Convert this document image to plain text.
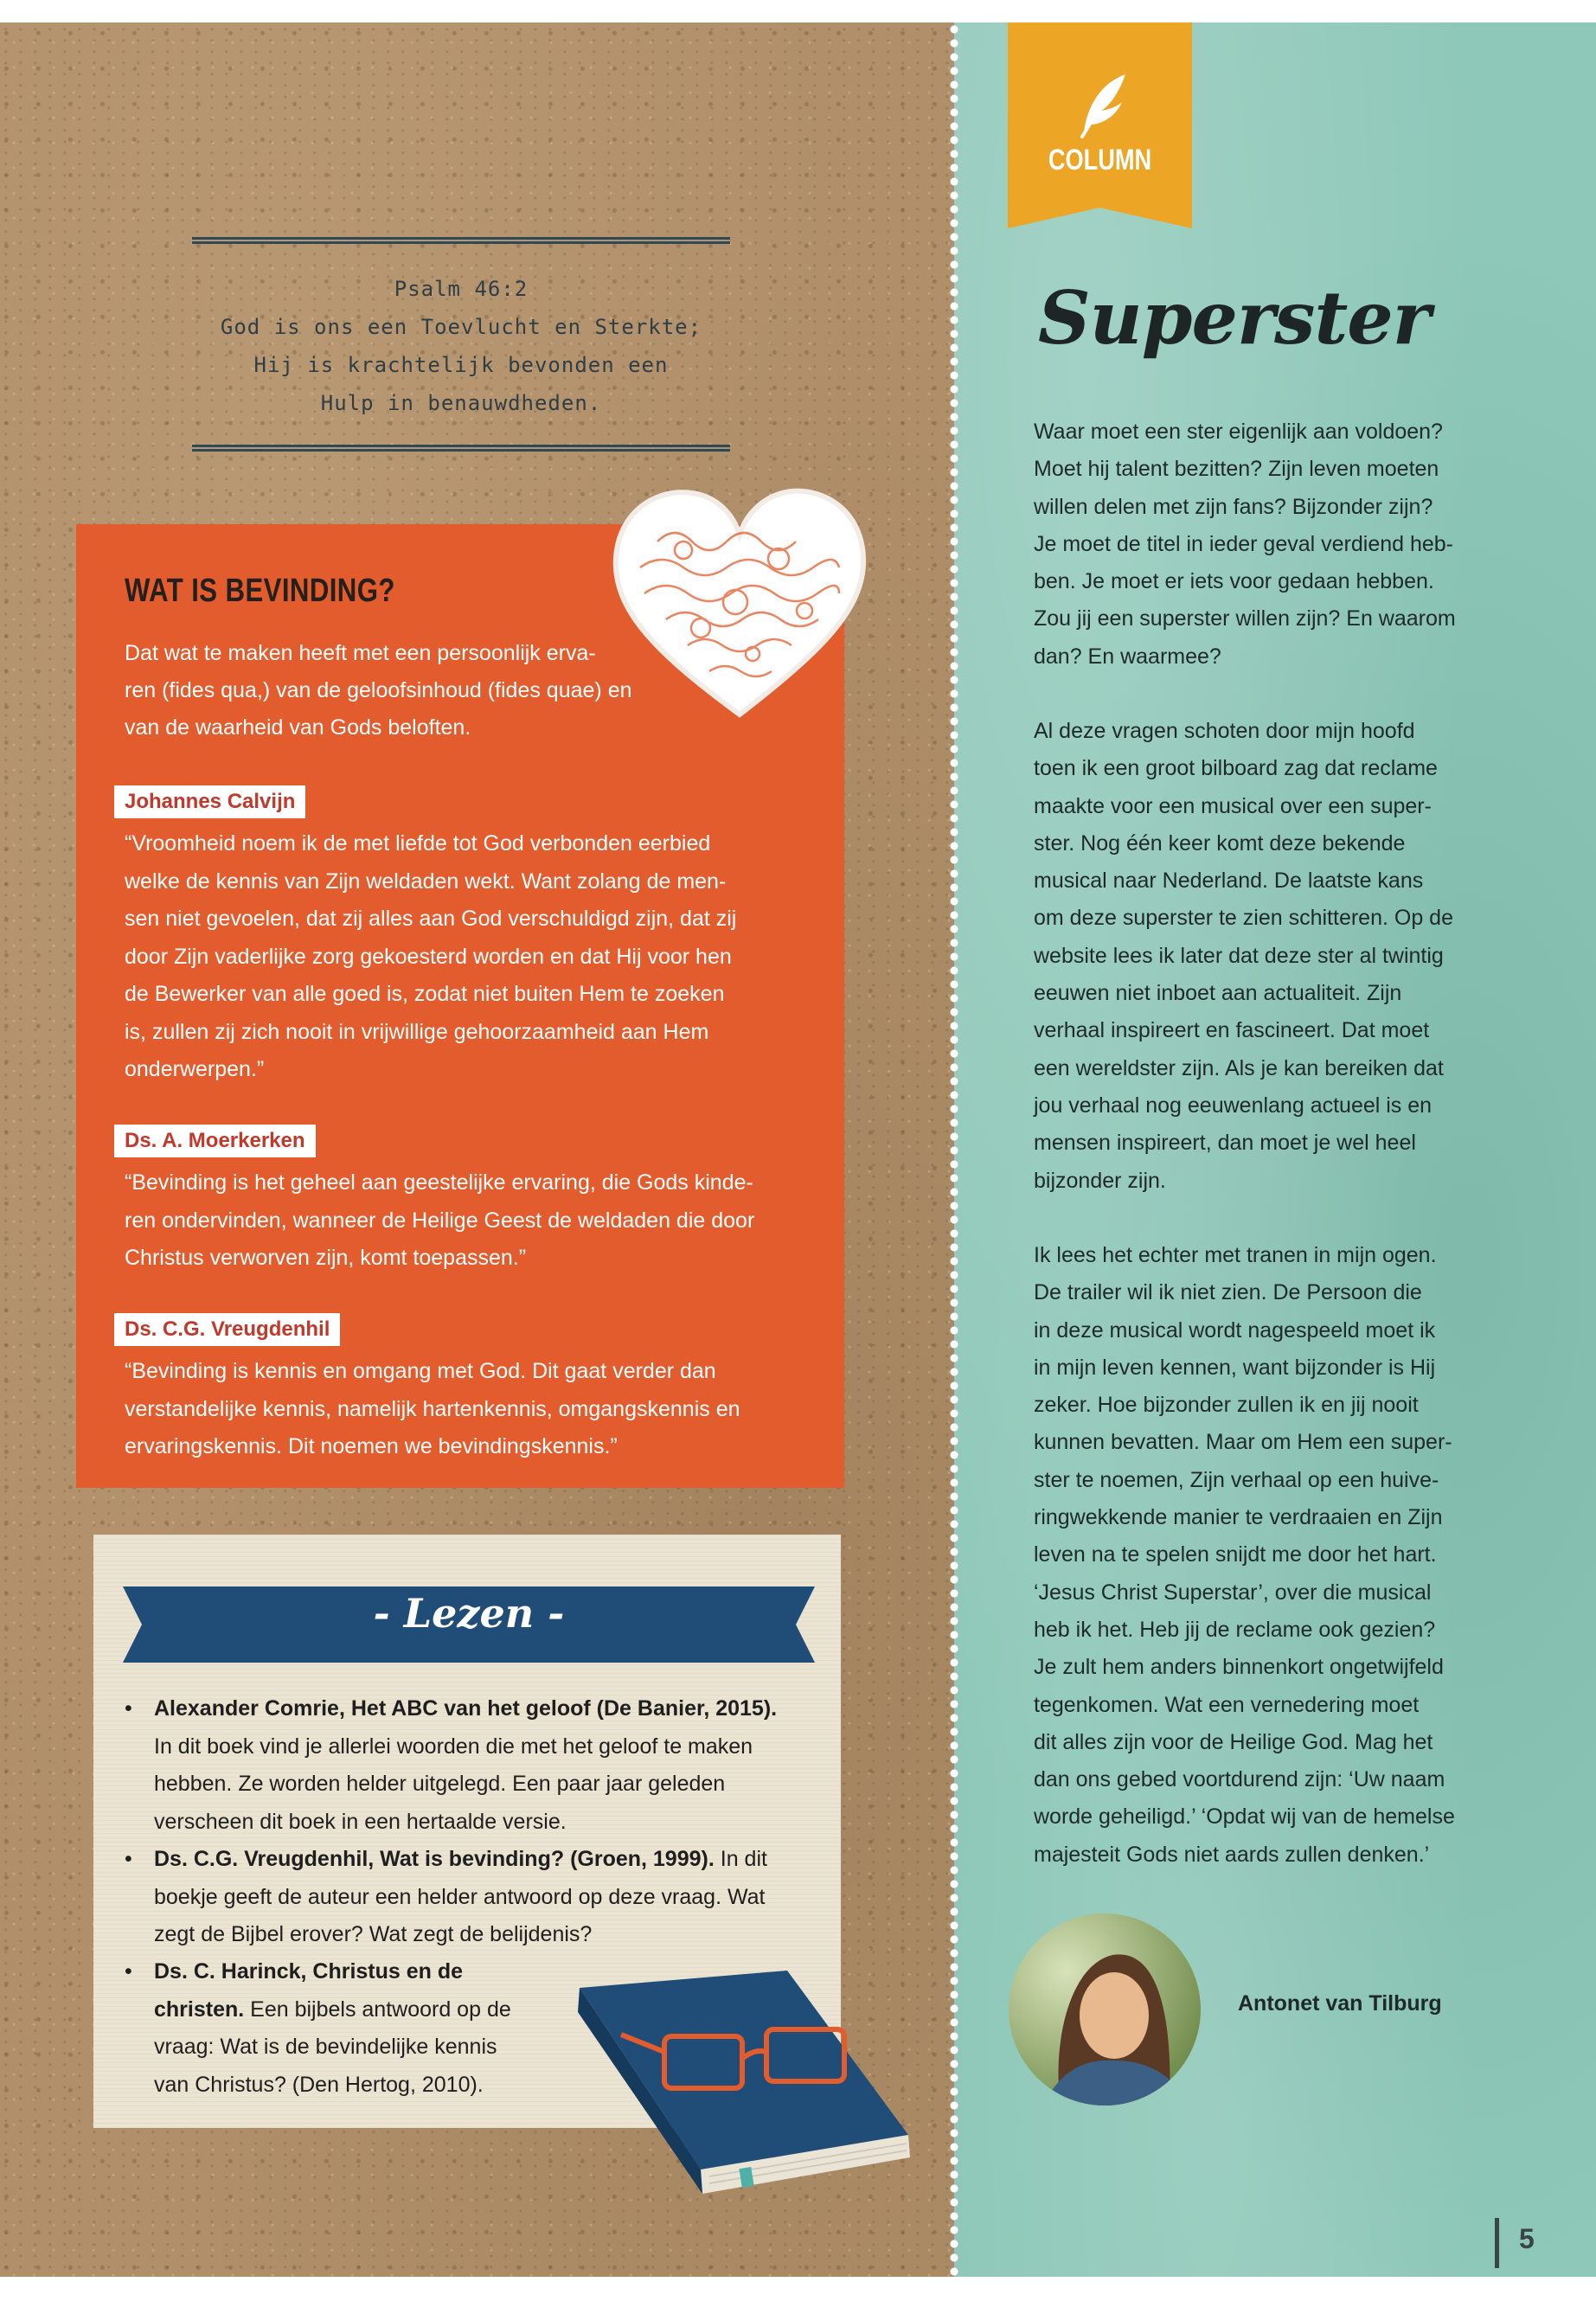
Psalm 46:2
God is ons een Toevlucht en Sterkte;
Hij is krachtelijk bevonden een
Hulp in benauwdheden.
WAT IS BEVINDING?
Dat wat te maken heeft met een persoonlijk erva-
ren (fides qua,) van de geloofsinhoud (fides quae) en
van de waarheid van Gods beloften.
Johannes Calvijn
“Vroomheid noem ik de met liefde tot God verbonden eerbied
welke de kennis van Zijn weldaden wekt. Want zolang de men-
sen niet gevoelen, dat zij alles aan God verschuldigd zijn, dat zij
door Zijn vaderlijke zorg gekoesterd worden en dat Hij voor hen
de Bewerker van alle goed is, zodat niet buiten Hem te zoeken
is, zullen zij zich nooit in vrijwillige gehoorzaamheid aan Hem
onderwerpen.”
Ds. A. Moerkerken
“Bevinding is het geheel aan geestelijke ervaring, die Gods kinde-
ren ondervinden, wanneer de Heilige Geest de weldaden die door
Christus verworven zijn, komt toepassen.”
Ds. C.G. Vreugdenhil
“Bevinding is kennis en omgang met God. Dit gaat verder dan
verstandelijke kennis, namelijk hartenkennis, omgangskennis en
ervaringskennis. Dit noemen we bevindingskennis.”
- Lezen -
• Alexander Comrie, Het ABC van het geloof (De Banier, 2015).
In dit boek vind je allerlei woorden die met het geloof te maken
hebben. Ze worden helder uitgelegd. Een paar jaar geleden
verscheen dit boek in een hertaalde versie.
• Ds. C.G. Vreugdenhil, Wat is bevinding? (Groen, 1999). In dit
boekje geeft de auteur een helder antwoord op deze vraag. Wat
zegt de Bijbel erover? Wat zegt de belijdenis?
• Ds. C. Harinck, Christus en de
christen. Een bijbels antwoord op de
vraag: Wat is de bevindelijke kennis
van Christus? (Den Hertog, 2010).
COLUMN
Superster
Waar moet een ster eigenlijk aan voldoen?
Moet hij talent bezitten? Zijn leven moeten
willen delen met zijn fans? Bijzonder zijn?
Je moet de titel in ieder geval verdiend heb-
ben. Je moet er iets voor gedaan hebben.
Zou jij een superster willen zijn? En waarom
dan? En waarmee?
Al deze vragen schoten door mijn hoofd
toen ik een groot bilboard zag dat reclame
maakte voor een musical over een super-
ster. Nog één keer komt deze bekende
musical naar Nederland. De laatste kans
om deze superster te zien schitteren. Op de
website lees ik later dat deze ster al twintig
eeuwen niet inboet aan actualiteit. Zijn
verhaal inspireert en fascineert. Dat moet
een wereldster zijn. Als je kan bereiken dat
jou verhaal nog eeuwenlang actueel is en
mensen inspireert, dan moet je wel heel
bijzonder zijn.
Ik lees het echter met tranen in mijn ogen.
De trailer wil ik niet zien. De Persoon die
in deze musical wordt nagespeeld moet ik
in mijn leven kennen, want bijzonder is Hij
zeker. Hoe bijzonder zullen ik en jij nooit
kunnen bevatten. Maar om Hem een super-
ster te noemen, Zijn verhaal op een huive-
ringwekkende manier te verdraaien en Zijn
leven na te spelen snijdt me door het hart.
‘Jesus Christ Superstar’, over die musical
heb ik het. Heb jij de reclame ook gezien?
Je zult hem anders binnenkort ongetwijfeld
tegenkomen. Wat een vernedering moet
dit alles zijn voor de Heilige God. Mag het
dan ons gebed voortdurend zijn: ‘Uw naam
worde geheiligd.’ ‘Opdat wij van de hemelse
majesteit Gods niet aards zullen denken.’
Antonet van Tilburg
5
